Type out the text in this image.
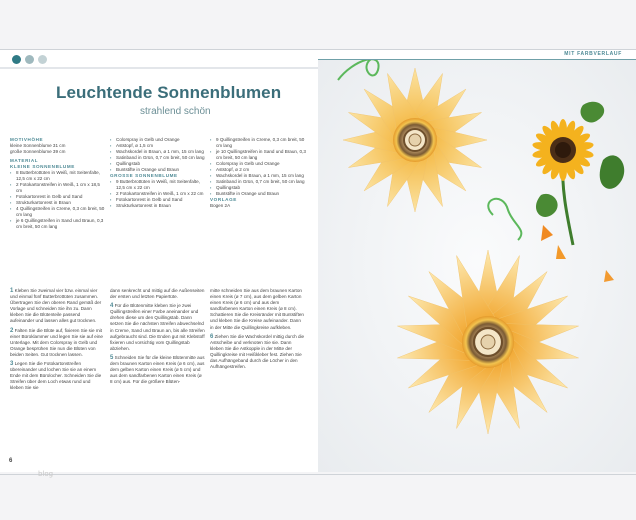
Leuchtende Sonnenblumen
strahlend schön
MOTIVHÖHE
kleine Sonnenblume 31 cm
große Sonnenblume 39 cm
MATERIAL
KLEINE SONNENBLUME
▪ 8 Butterbrottüten in Weiß, mit Seitenfalte, 12,5 cm x 22 cm
▪ 2 Fotokartonstreifen in Weiß, 1 cm x 18,5 cm
▪ Fotokartonrest in Gelb und Sand
▪ Strukturkartonrest in Braun
▪ 4 Quillingstreifen in Creme, 0,3 cm breit, 50 cm lang
▪ je 6 Quillingstreifen in Sand und Braun, 0,3 cm breit, 50 cm lang
▪ Colorspray in Gelb und Orange
▪ Aststopf, ø 1,5 cm
▪ Wachskordel in Braun, ø 1 mm, 15 cm lang
▪ Satinband in Grün, 0,7 cm breit, 50 cm lang
▪ Quillingstab
▪ Buntstifte in Orange und Braun
GROSSE SONNENBLUME
▪ 9 Butterbrottüten in Weiß, mit Seitenfalte, 12,5 cm x 22 cm
▪ 2 Fotokartonstreifen in Weiß, 1 cm x 22 cm
▪ Fotokartonrest in Gelb und Sand
▪ Strukturkartonrest in Braun
▪ 9 Quillingstreifen in Creme, 0,3 cm breit, 50 cm lang
▪ je 10 Quillingstreifen in Sand und Braun, 0,3 cm breit, 50 cm lang
▪ Colorspray in Gelb und Orange
▪ Aststopf, ø 2 cm
▪ Wachskordel in Braun, ø 1 mm, 15 cm lang
▪ Satinband in Grün, 0,7 cm breit, 50 cm lang
▪ Quillingstab
▪ Buntstifte in Orange und Braun
VORLAGE
Bogen 2A
1 Kleben Sie zweimal vier bzw. einmal vier und einmal fünf Butterbrottüten zusammen. Übertragen Sie den oberen Rand gemäß der Vorlage und schneiden Sie ihn zu. Dann kleben Sie die Blütenteile passend aufeinander und lassen alles gut trocknen.
2 Falten Sie die Blüte auf, fixieren Sie sie mit einer Büroklammer und legen Sie sie auf eine Unterlage. Mit dem Colorspray in Gelb und Orange besprühen Sie nun die Blüten von beiden Seiten. Gut trocknen lassen.
3 Legen Sie die Fotokartonstreifen übereinander und lochen Sie sie an einem Ende mit dem Bürolocher. Schneiden Sie die Streifen über dem Loch etwas rund und kleben Sie sie
dann senkrecht und mittig auf die Außenseiten der ersten und letzten Papiertüte.
4 Für die Blütenmitte kleben Sie je zwei Quillingstreifen einer Farbe aneinander und drehen diese um den Quillingstab. Dann setzen Sie die nächsten Streifen abwechselnd in Creme, Sand und Braun an, bis alle Streifen aufgebraucht sind. Die Enden gut mit Klebstoff fixieren und vorsichtig vom Quillingstab abziehen.
5 Schneiden Sie für die kleine Blütenmitte aus dem braunen Karton einen Kreis (ø 6 cm), aus dem gelben Karton einen Kreis (ø 5 cm) und aus dem sandfarbenen Karton einen Kreis (ø 8 cm) aus. Für die größere Blüten-
mitte schneiden Sie aus dem braunen Karton einen Kreis (ø 7 cm), aus dem gelben Karton einen Kreis (ø 6 cm) und aus dem sandfarbenen Karton einen Kreis (ø 8 cm). Schattieren Sie die Kreisränder mit Buntstiften und kleben Sie die Kreise aufeinander. Dann in der Mitte die Quillingkreise aufkleben.
6 Ziehen Sie die Wachskordel mittig durch die Astscheibe und verknoten Sie sie. Dann kleben Sie die Astkopple in der Mitte der Quillingkreise mit Heißkleber fest. Ziehen Sie das Aufhängeband durch die Löcher in den Aufhängestreifen.
6
MIT FARBVERLAUF
blog
